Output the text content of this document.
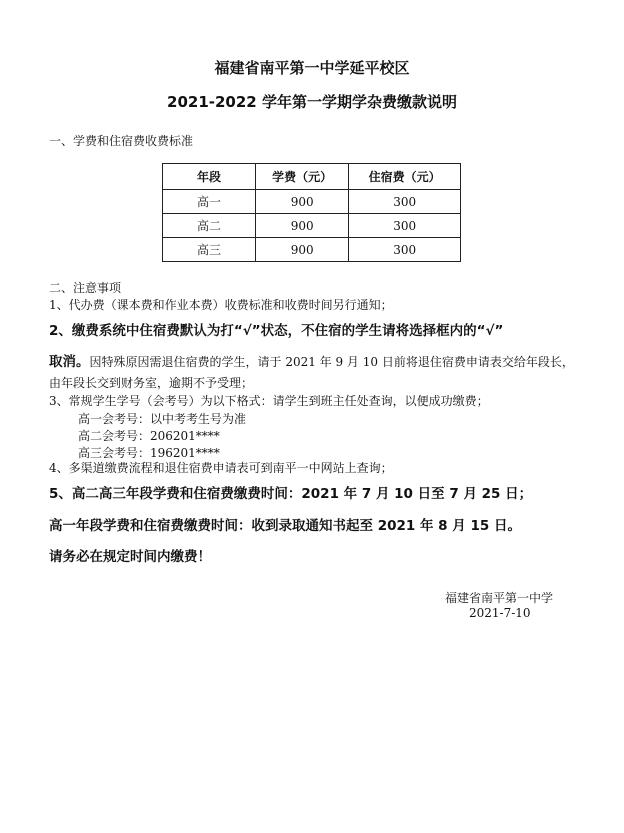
福建省南平第一中学延平校区
2021-2022 学年第一学期学杂费缴款说明
一、学费和住宿费收费标准
年段	学费（元）	住宿费（元）
高一	900	300
高二	900	300
高三	900	300
二、注意事项
1、代办费（课本费和作业本费）收费标准和收费时间另行通知；
2、缴费系统中住宿费默认为打“√”状态，不住宿的学生请将选择框内的“√”
取消。因特殊原因需退住宿费的学生，请于 2021 年 9 月 10 日前将退住宿费申请表交给年段长，
由年段长交到财务室，逾期不予受理；
3、常规学生学号（会考号）为以下格式：请学生到班主任处查询，以便成功缴费；
高一会考号：以中考考生号为准
高二会考号：206201****
高三会考号：196201****
4、多渠道缴费流程和退住宿费申请表可到南平一中网站上查询；
5、高二高三年段学费和住宿费缴费时间：2021 年 7 月 10 日至 7 月 25 日；
高一年段学费和住宿费缴费时间：收到录取通知书起至 2021 年 8 月 15 日。
请务必在规定时间内缴费！
福建省南平第一中学
2021-7-10
